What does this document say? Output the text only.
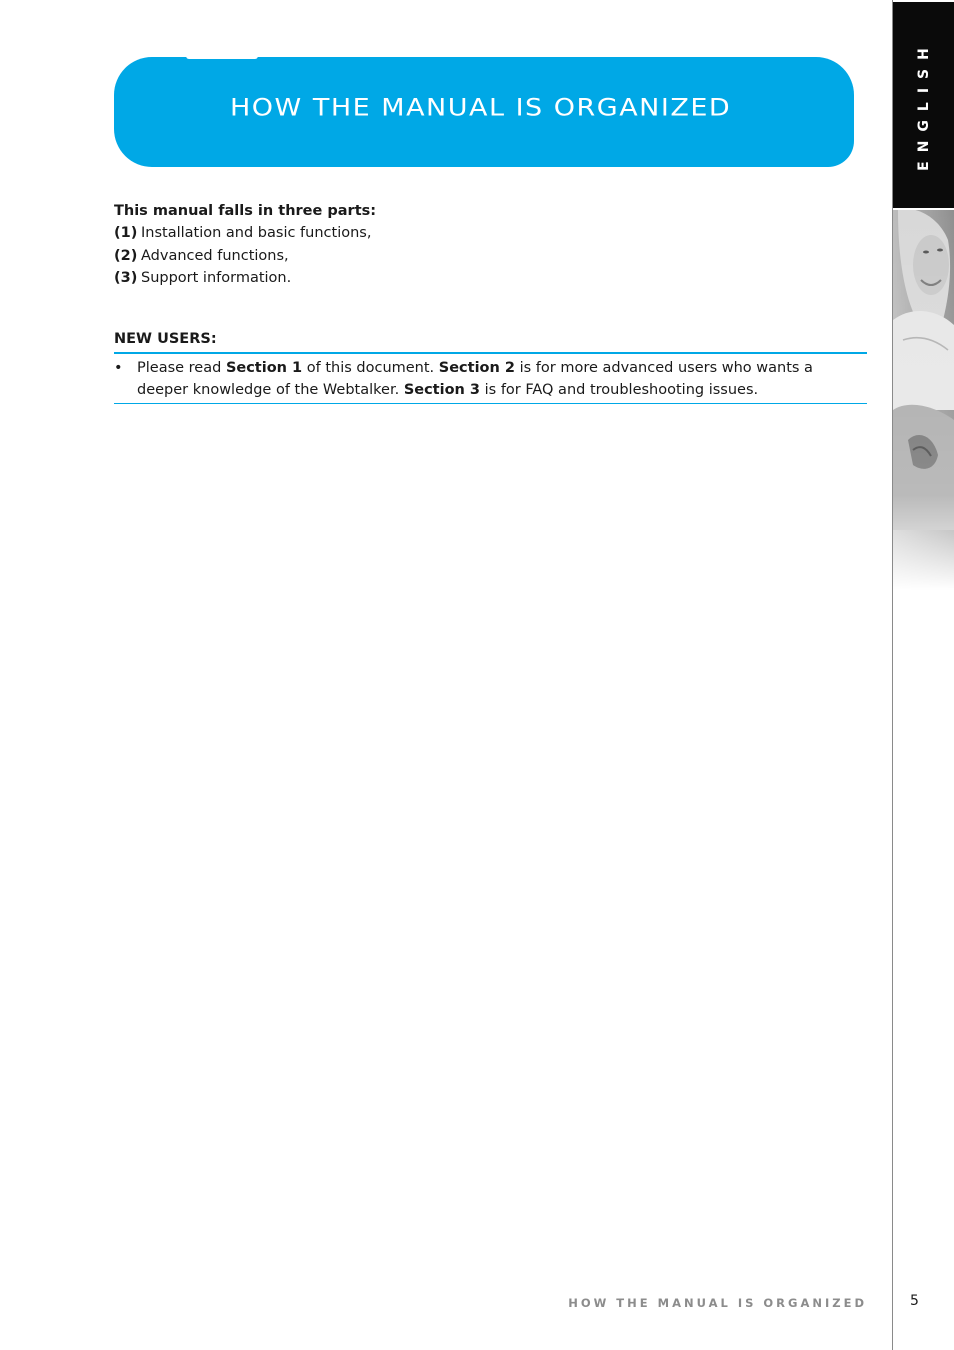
ENGLISH
HOW THE MANUAL IS ORGANIZED

This manual falls in three parts:

(1) Installation and basic functions,
(2) Advanced functions,
(3) Support information.
NEW USERS:
• Please read Section 1 of this document. Section 2 is for more advanced users who wants a deeper knowledge of the Webtalker. Section 3 is for FAQ and troubleshooting issues.
HOW THE MANUAL IS ORGANIZED	5
